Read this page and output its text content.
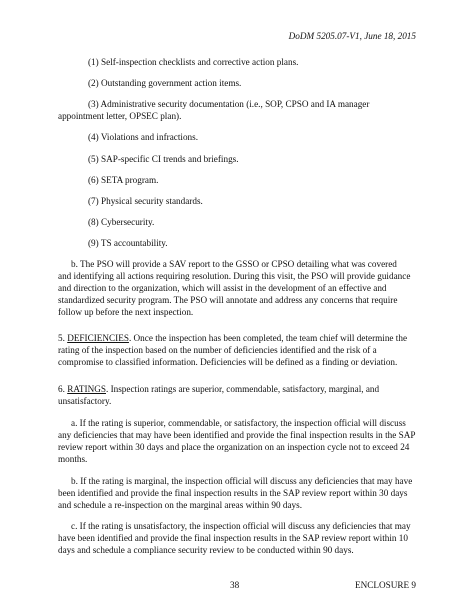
DoDM 5205.07-V1, June 18, 2015
(1) Self-inspection checklists and corrective action plans.
(2) Outstanding government action items.
(3) Administrative security documentation (i.e., SOP, CPSO and IA manager
appointment letter, OPSEC plan).
(4) Violations and infractions.
(5) SAP-specific CI trends and briefings.
(6) SETA program.
(7) Physical security standards.
(8) Cybersecurity.
(9) TS accountability.
b. The PSO will provide a SAV report to the GSSO or CPSO detailing what was covered
and identifying all actions requiring resolution. During this visit, the PSO will provide guidance
and direction to the organization, which will assist in the development of an effective and
standardized security program. The PSO will annotate and address any concerns that require
follow up before the next inspection.
5. DEFICIENCIES. Once the inspection has been completed, the team chief will determine the
rating of the inspection based on the number of deficiencies identified and the risk of a
compromise to classified information. Deficiencies will be defined as a finding or deviation.
6. RATINGS. Inspection ratings are superior, commendable, satisfactory, marginal, and
unsatisfactory.
a. If the rating is superior, commendable, or satisfactory, the inspection official will discuss
any deficiencies that may have been identified and provide the final inspection results in the SAP
review report within 30 days and place the organization on an inspection cycle not to exceed 24
months.
b. If the rating is marginal, the inspection official will discuss any deficiencies that may have
been identified and provide the final inspection results in the SAP review report within 30 days
and schedule a re-inspection on the marginal areas within 90 days.
c. If the rating is unsatisfactory, the inspection official will discuss any deficiencies that may
have been identified and provide the final inspection results in the SAP review report within 10
days and schedule a compliance security review to be conducted within 90 days.
38	ENCLOSURE 9
